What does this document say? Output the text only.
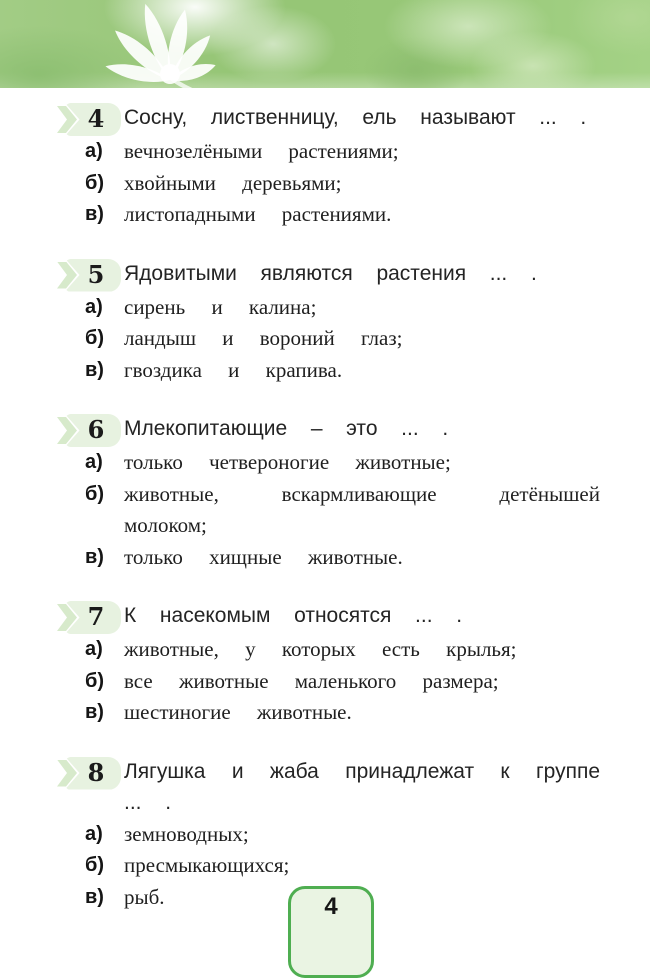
4 Сосну, лиственницу, ель называют ... .

а)	вечнозелёными растениями;

б) хвойными деревьями;

в) листопадными растениями.

5 Ядовитыми являются растения ... .

а)	сирень и калина;

б) ландыш и вороний глаз;

в) гвоздика и крапива.

6 Млекопитающие – это ... .

а)	только четвероногие животные;

б) животные, вскармливающие детёнышей молоком;

в) только хищные животные.

7 К насекомым относятся ... .

а)	животные, у которых есть крылья;

б) все животные маленького размера;

в) шестиногие животные.

8 Лягушка и жаба принадлежат к группе ... .

а)	земноводных;

б) пресмыкающихся;

в) рыб.	4
